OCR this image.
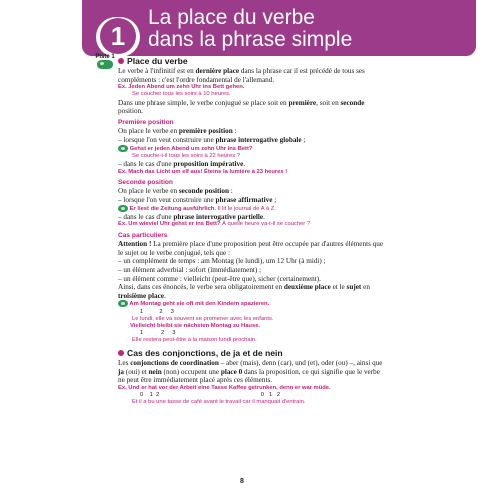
1
La place du verbe
dans la phrase simple
Piste 1	Place du verbe
Le verbe à l'infinitif est en dernière place dans la phrase car il est précédé de tous ses compléments : c'est l'ordre fondamental de l'allemand.
Ex. Jeden Abend um zehn Uhr ins Bett gehen.
Se coucher tous les soirs à 10 heures.
Dans une phrase simple, le verbe conjugué se place soit en première, soit en seconde position.
Première position
On place le verbe en première position :
– lorsque l'on veut construire une phrase interrogative globale ;
Gehst er jeden Abend um zehn Uhr ins Bett?
Se couche-t-il tous les soirs à 22 heures ?
– dans le cas d'une proposition impérative.
Ex. Mach das Licht um elf aus! Éteins la lumière à 23 heures !
Seconde position
On place le verbe en seconde position :
– lorsque l'on veut construire une phrase affirmative ;
Er liest die Zeitung ausführlich. Il lit le journal de A à Z.
– dans le cas d'une phrase interrogative partielle.
Ex. Um wieviel Uhr gehst er ins Bett? À quelle heure va-t-il se coucher ?
Cas particuliers
Attention ! La première place d'une proposition peut être occupée par d'autres éléments que le sujet ou le verbe conjugué, tels que :
– un complément de temps : am Montag (le lundi), um 12 Uhr (à midi) ;
– un élément adverbial : sofort (immédiatement) ;
– un élément comme : vielleicht (peut-être que), sicher (certainement).
Ainsi, dans ces énoncés, le verbe sera obligatoirement en deuxième place et le sujet en troisième place.
Am Montag geht sie oft mit den Kindern spazieren.
1          2     3
Le lundi, elle va souvent se promener avec les enfants.
Vielleicht bleibt sie nächsten Montag zu Hause.
1           2     3
Elle restera peut-être à la maison lundi prochain.
Cas des conjonctions, de ja et de nein
Les conjonctions de coordination – aber (mais), denn (car), und (et), oder (ou) –, ainsi que ja (oui) et nein (non) occupent une place 0 dans la proposition, ce qui signifie que le verbe ne peut être immédiatement placé après ces éléments.
Ex. Und er hat vor der Arbeit eine Tasse Kaffee getrunken, denn er war müde.
0    1  2                                                               0   1   2
Et il a bu une tasse de café avant le travail car il manquait d'entrain.
8
